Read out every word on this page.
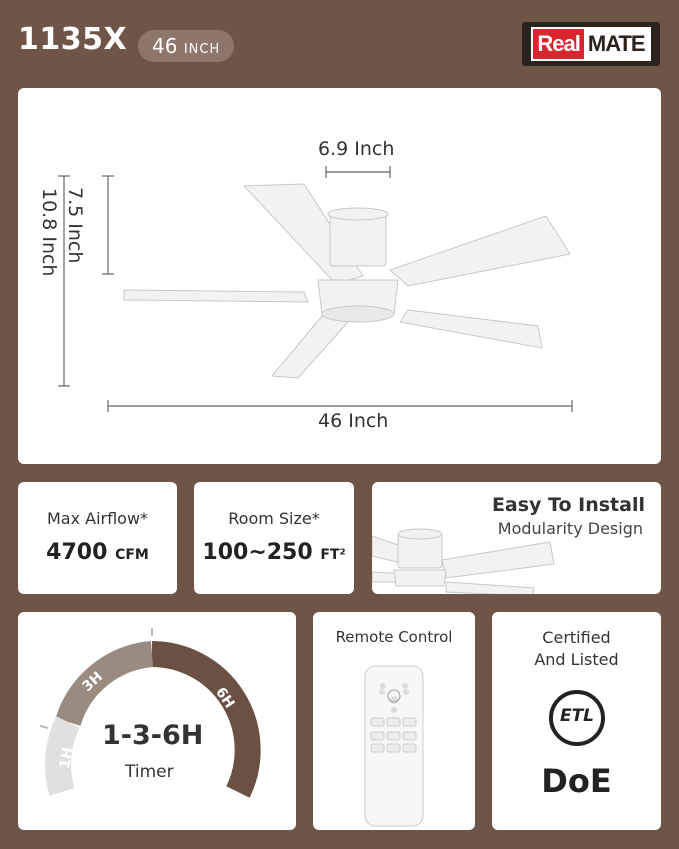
1135X	46 INCH	Real MATE
6.9 Inch
7.5 Inch
10.8 Inch
46 Inch
Max Airflow*
4700 CFM
Room Size*
100~250 FT²
Easy To Install
Modularity Design
1H
3H
6H
1-3-6H
Timer
Remote Control	Certified
And Listed
ETL
DoE
